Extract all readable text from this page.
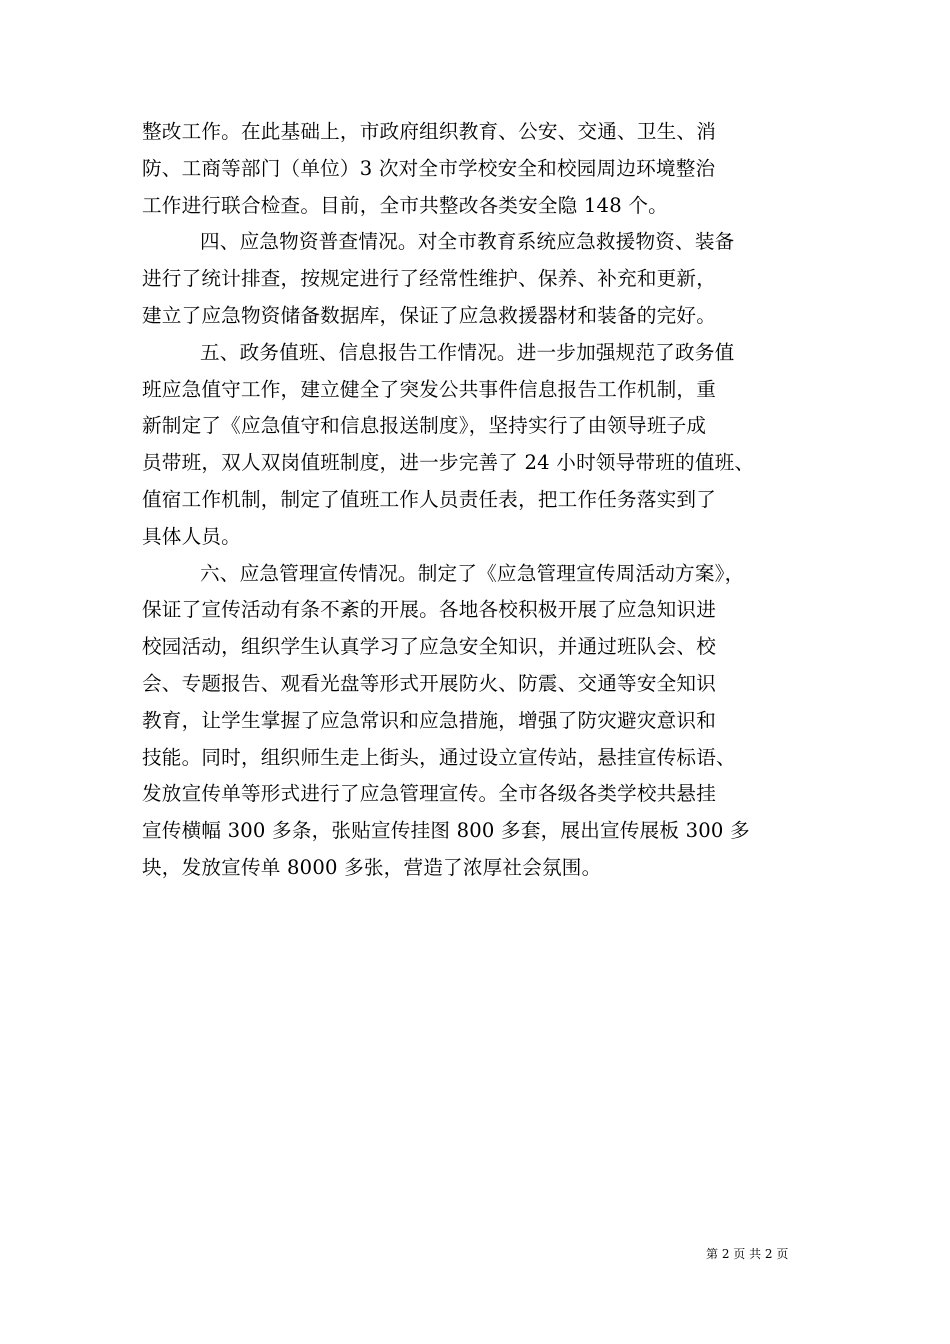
整改工作。在此基础上，市政府组织教育、公安、交通、卫生、消
防、工商等部门（单位）3 次对全市学校安全和校园周边环境整治
工作进行联合检查。目前，全市共整改各类安全隐 148 个。
四、应急物资普查情况。对全市教育系统应急救援物资、装备
进行了统计排查，按规定进行了经常性维护、保养、补充和更新，
建立了应急物资储备数据库，保证了应急救援器材和装备的完好。
五、政务值班、信息报告工作情况。进一步加强规范了政务值
班应急值守工作，建立健全了突发公共事件信息报告工作机制，重
新制定了《应急值守和信息报送制度》，坚持实行了由领导班子成
员带班，双人双岗值班制度，进一步完善了 24 小时领导带班的值班、
值宿工作机制，制定了值班工作人员责任表，把工作任务落实到了
具体人员。
六、应急管理宣传情况。制定了《应急管理宣传周活动方案》，
保证了宣传活动有条不紊的开展。各地各校积极开展了应急知识进
校园活动，组织学生认真学习了应急安全知识，并通过班队会、校
会、专题报告、观看光盘等形式开展防火、防震、交通等安全知识
教育，让学生掌握了应急常识和应急措施，增强了防灾避灾意识和
技能。同时，组织师生走上街头，通过设立宣传站，悬挂宣传标语、
发放宣传单等形式进行了应急管理宣传。全市各级各类学校共悬挂
宣传横幅 300 多条，张贴宣传挂图 800 多套，展出宣传展板 300 多
块，发放宣传单 8000 多张，营造了浓厚社会氛围。
第 2 页 共 2 页
